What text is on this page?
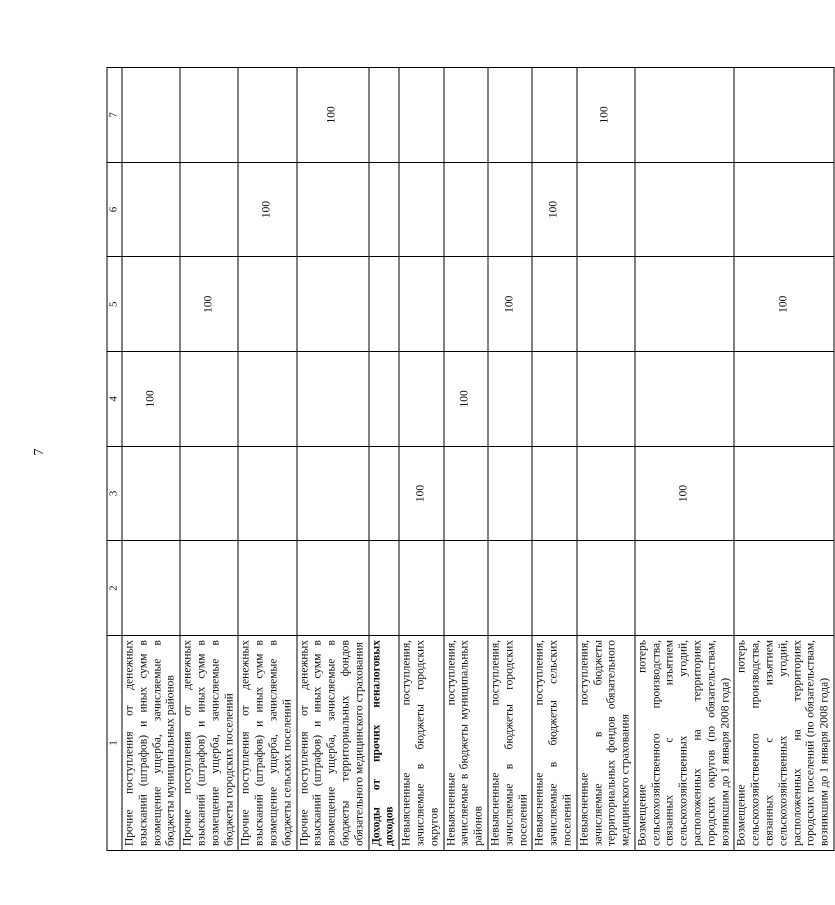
7
1	2	3	4	5	6	7
Прочие поступления от денежных взысканий (штрафов) и иных сумм в возмещение ущерба, зачисляемые в бюджеты муниципальных районов			100			
Прочие поступления от денежных взысканий (штрафов) и иных сумм в возмещение ущерба, зачисляемые в бюджеты городских поселений				100		
Прочие поступления от денежных взысканий (штрафов) и иных сумм в возмещение ущерба, зачисляемые в бюджеты сельских поселений					100	
Прочие поступления от денежных взысканий (штрафов) и иных сумм в возмещение ущерба, зачисляемые в бюджеты территориальных фондов обязательного медицинского страхования						100
Доходы от прочих неналоговых доходов						
Невыясненные поступления, зачисляемые в бюджеты городских округов		100				
Невыясненные поступления, зачисляемые в бюджеты муниципальных районов			100			
Невыясненные поступления, зачисляемые в бюджеты городских поселений				100		
Невыясненные поступления, зачисляемые в бюджеты сельских поселений					100	
Невыясненные поступления, зачисляемые в бюджеты территориальных фондов обязательного медицинского страхования						100
Возмещение потерь сельскохозяйственного производства, связанных с изъятием сельскохозяйственных угодий, расположенных на территориях городских округов (по обязательствам, возникшим до 1 января 2008 года)		100				
Возмещение потерь сельскохозяйственного производства, связанных с изъятием сельскохозяйственных угодий, расположенных на территориях городских поселений (по обязательствам, возникшим до 1 января 2008 года)				100		
